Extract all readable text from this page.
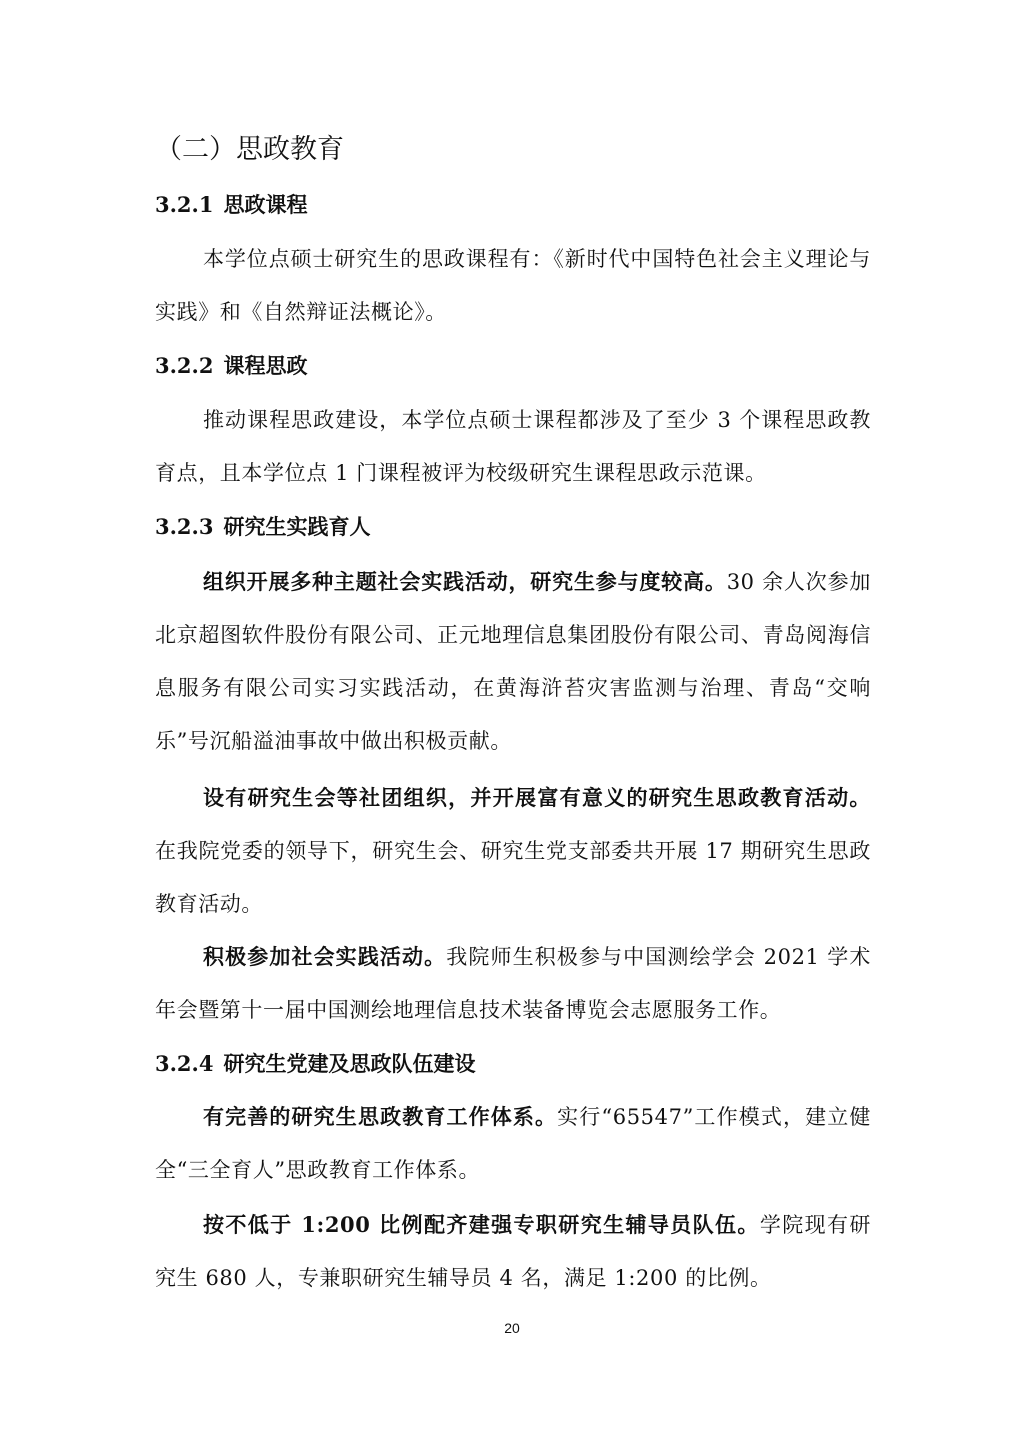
（二）思政教育
3.2.1 思政课程
本学位点硕士研究生的思政课程有：《新时代中国特色社会主义理论与实践》和《自然辩证法概论》。
3.2.2 课程思政
推动课程思政建设，本学位点硕士课程都涉及了至少 3 个课程思政教育点，且本学位点 1 门课程被评为校级研究生课程思政示范课。
3.2.3 研究生实践育人
组织开展多种主题社会实践活动，研究生参与度较高。30 余人次参加北京超图软件股份有限公司、正元地理信息集团股份有限公司、青岛阅海信息服务有限公司实习实践活动，在黄海浒苔灾害监测与治理、青岛“交响乐”号沉船溢油事故中做出积极贡献。
设有研究生会等社团组织，并开展富有意义的研究生思政教育活动。在我院党委的领导下，研究生会、研究生党支部委共开展 17 期研究生思政教育活动。
积极参加社会实践活动。我院师生积极参与中国测绘学会 2021 学术年会暨第十一届中国测绘地理信息技术装备博览会志愿服务工作。
3.2.4 研究生党建及思政队伍建设
有完善的研究生思政教育工作体系。实行“65547”工作模式，建立健全“三全育人”思政教育工作体系。
按不低于 1:200 比例配齐建强专职研究生辅导员队伍。学院现有研究生 680 人，专兼职研究生辅导员 4 名，满足 1:200 的比例。
20
